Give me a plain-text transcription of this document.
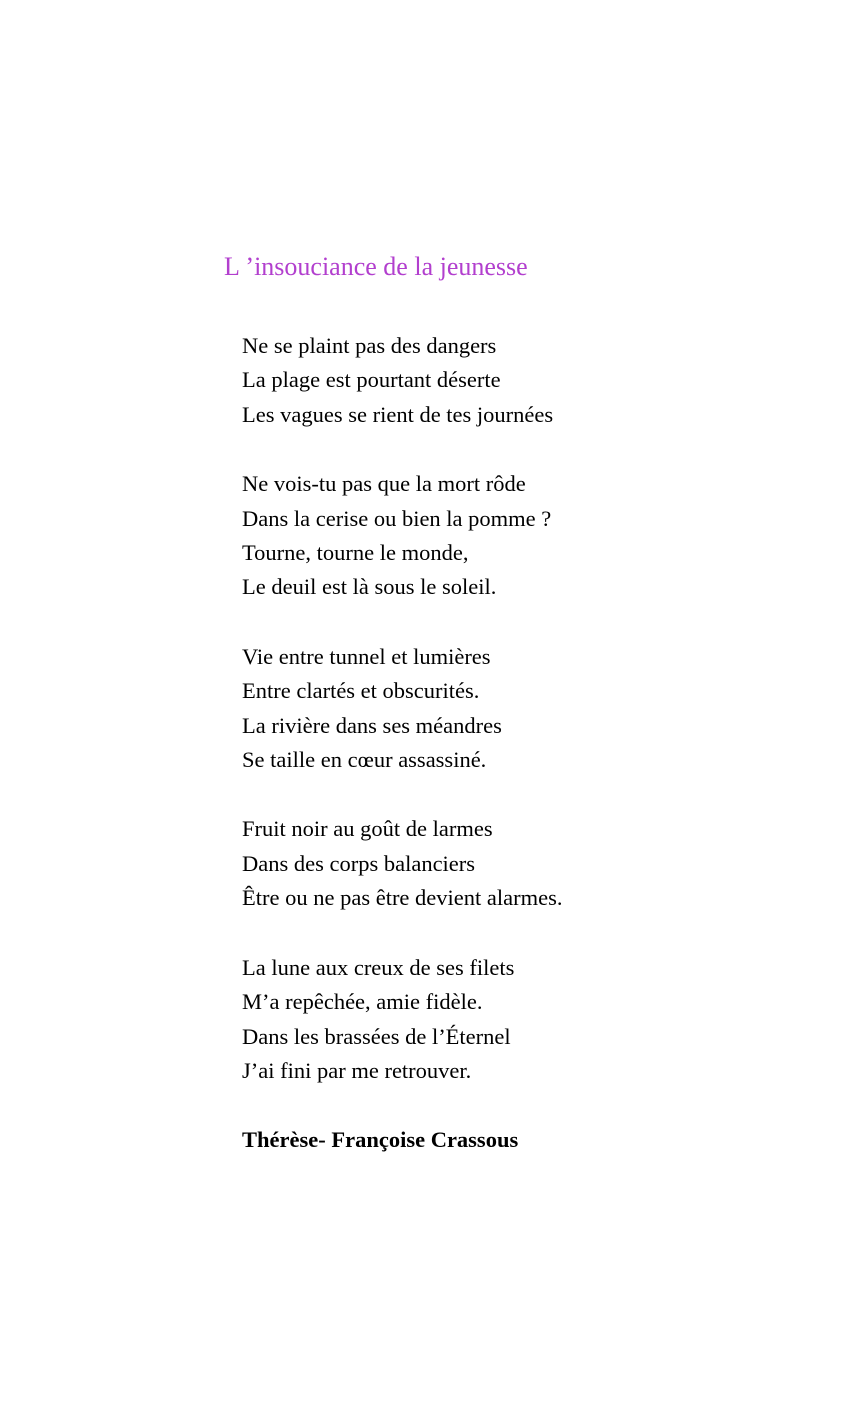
L ’insouciance de la jeunesse
Ne se plaint pas des dangers
La plage est pourtant déserte
Les vagues se rient de tes journées
Ne vois-tu pas que la mort rôde
Dans la cerise ou bien la pomme ?
Tourne, tourne le monde,
Le deuil est là sous le soleil.
Vie entre tunnel et lumières
Entre clartés et obscurités.
La rivière dans ses méandres
Se taille en cœur assassiné.
Fruit noir au goût de larmes
Dans des corps balanciers
Être ou ne pas être devient alarmes.
La lune aux creux de ses filets
M’a repêchée, amie fidèle.
Dans les brassées de l’Éternel
J’ai fini par me retrouver.

Thérèse- Françoise Crassous
